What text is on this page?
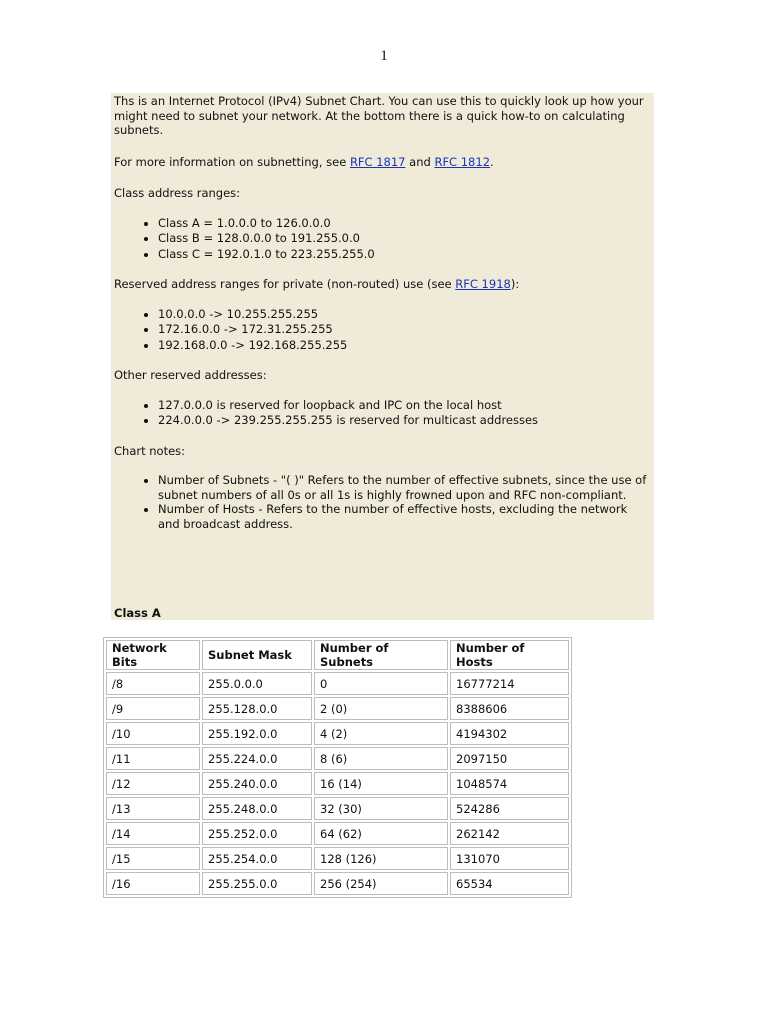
1

Ths is an Internet Protocol (IPv4) Subnet Chart. You can use this to quickly look up how your might need to subnet your network. At the bottom there is a quick how-to on calculating subnets.

For more information on subnetting, see RFC 1817 and RFC 1812.

Class address ranges:

• Class A = 1.0.0.0 to 126.0.0.0
• Class B = 128.0.0.0 to 191.255.0.0
• Class C = 192.0.1.0 to 223.255.255.0

Reserved address ranges for private (non-routed) use (see RFC 1918):

• 10.0.0.0 -> 10.255.255.255
• 172.16.0.0 -> 172.31.255.255
• 192.168.0.0 -> 192.168.255.255

Other reserved addresses:

• 127.0.0.0 is reserved for loopback and IPC on the local host
• 224.0.0.0 -> 239.255.255.255 is reserved for multicast addresses

Chart notes:

• Number of Subnets - "( )" Refers to the number of effective subnets, since the use of subnet numbers of all 0s or all 1s is highly frowned upon and RFC non-compliant.
• Number of Hosts - Refers to the number of effective hosts, excluding the network and broadcast address.
Class A
Network Bits	Subnet Mask	Number of Subnets	Number of Hosts
/8	255.0.0.0	0	16777214
/9	255.128.0.0	2 (0)	8388606
/10	255.192.0.0	4 (2)	4194302
/11	255.224.0.0	8 (6)	2097150
/12	255.240.0.0	16 (14)	1048574
/13	255.248.0.0	32 (30)	524286
/14	255.252.0.0	64 (62)	262142
/15	255.254.0.0	128 (126)	131070
/16	255.255.0.0	256 (254)	65534
